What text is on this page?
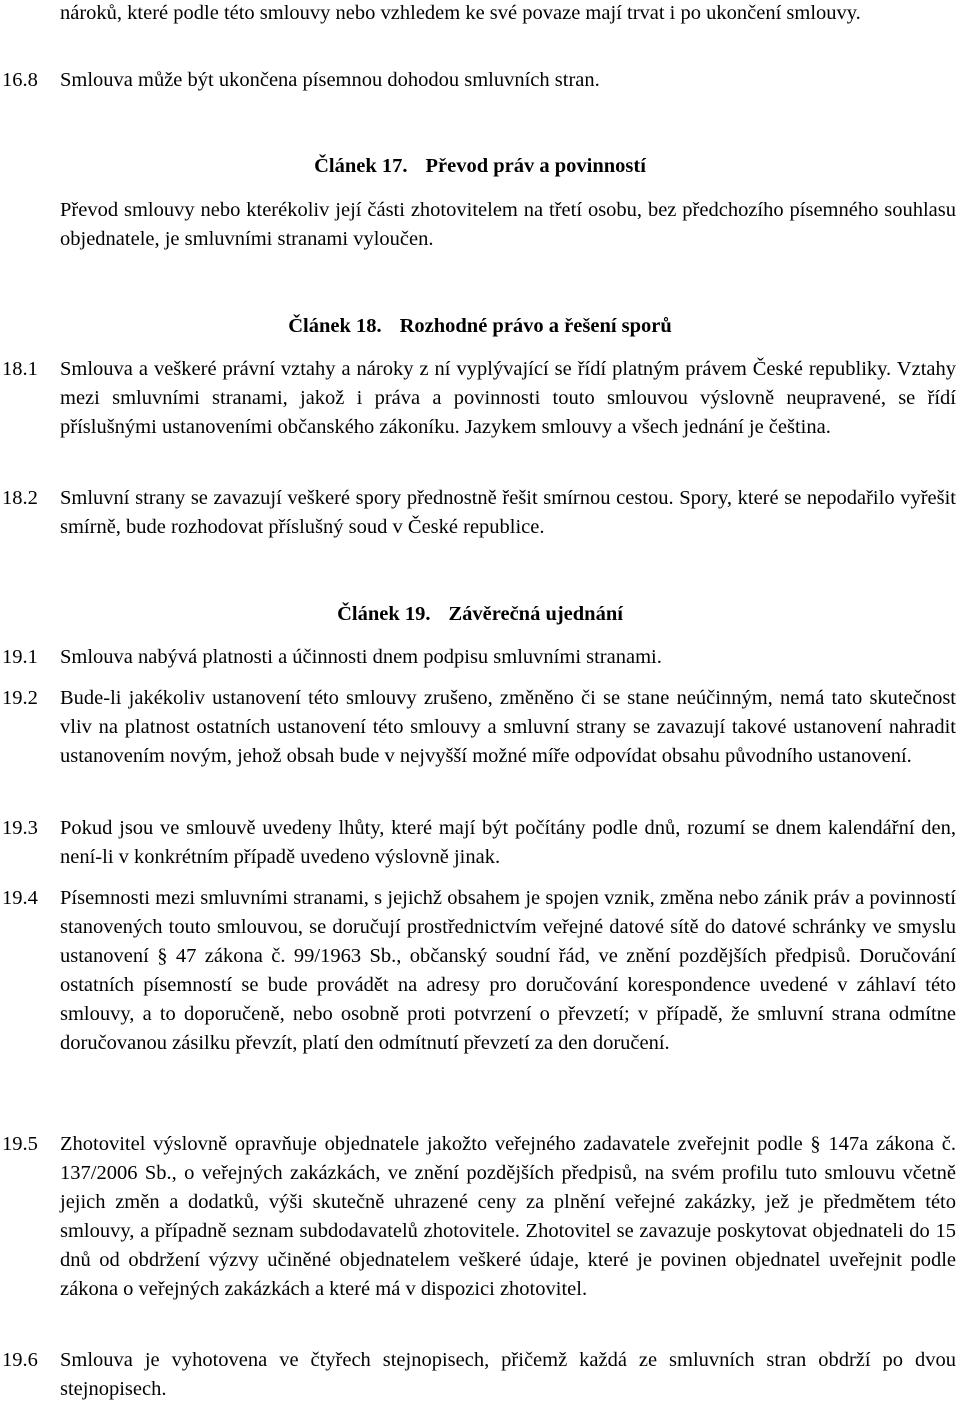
nároků, které podle této smlouvy nebo vzhledem ke své povaze mají trvat i po ukončení smlouvy.
16.8	Smlouva může být ukončena písemnou dohodou smluvních stran.
Článek 17. Převod práv a povinností
Převod smlouvy nebo kterékoliv její části zhotovitelem na třetí osobu, bez předchozího písemného souhlasu objednatele, je smluvními stranami vyloučen.
Článek 18. Rozhodné právo a řešení sporů
18.1	Smlouva a veškeré právní vztahy a nároky z ní vyplývající se řídí platným právem České republiky. Vztahy mezi smluvními stranami, jakož i práva a povinnosti touto smlouvou výslovně neupravené, se řídí příslušnými ustanoveními občanského zákoníku. Jazykem smlouvy a všech jednání je čeština.
18.2	Smluvní strany se zavazují veškeré spory přednostně řešit smírnou cestou. Spory, které se nepodařilo vyřešit smírně, bude rozhodovat příslušný soud v České republice.
Článek 19. Závěrečná ujednání
19.1	Smlouva nabývá platnosti a účinnosti dnem podpisu smluvními stranami.
19.2	Bude-li jakékoliv ustanovení této smlouvy zrušeno, změněno či se stane neúčinným, nemá tato skutečnost vliv na platnost ostatních ustanovení této smlouvy a smluvní strany se zavazují takové ustanovení nahradit ustanovením novým, jehož obsah bude v nejvyšší možné míře odpovídat obsahu původního ustanovení.
19.3	Pokud jsou ve smlouvě uvedeny lhůty, které mají být počítány podle dnů, rozumí se dnem kalendářní den, není-li v konkrétním případě uvedeno výslovně jinak.
19.4	Písemnosti mezi smluvními stranami, s jejichž obsahem je spojen vznik, změna nebo zánik práv a povinností stanovených touto smlouvou, se doručují prostřednictvím veřejné datové sítě do datové schránky ve smyslu ustanovení § 47 zákona č. 99/1963 Sb., občanský soudní řád, ve znění pozdějších předpisů. Doručování ostatních písemností se bude provádět na adresy pro doručování korespondence uvedené v záhlaví této smlouvy, a to doporučeně, nebo osobně proti potvrzení o převzetí; v případě, že smluvní strana odmítne doručovanou zásilku převzít, platí den odmítnutí převzetí za den doručení.
19.5	Zhotovitel výslovně opravňuje objednatele jakožto veřejného zadavatele zveřejnit podle § 147a zákona č. 137/2006 Sb., o veřejných zakázkách, ve znění pozdějších předpisů, na svém profilu tuto smlouvu včetně jejich změn a dodatků, výši skutečně uhrazené ceny za plnění veřejné zakázky, jež je předmětem této smlouvy, a případně seznam subdodavatelů zhotovitele. Zhotovitel se zavazuje poskytovat objednateli do 15 dnů od obdržení výzvy učiněné objednatelem veškeré údaje, které je povinen objednatel uveřejnit podle zákona o veřejných zakázkách a které má v dispozici zhotovitel.
19.6	Smlouva je vyhotovena ve čtyřech stejnopisech, přičemž každá ze smluvních stran obdrží po dvou stejnopisech.
